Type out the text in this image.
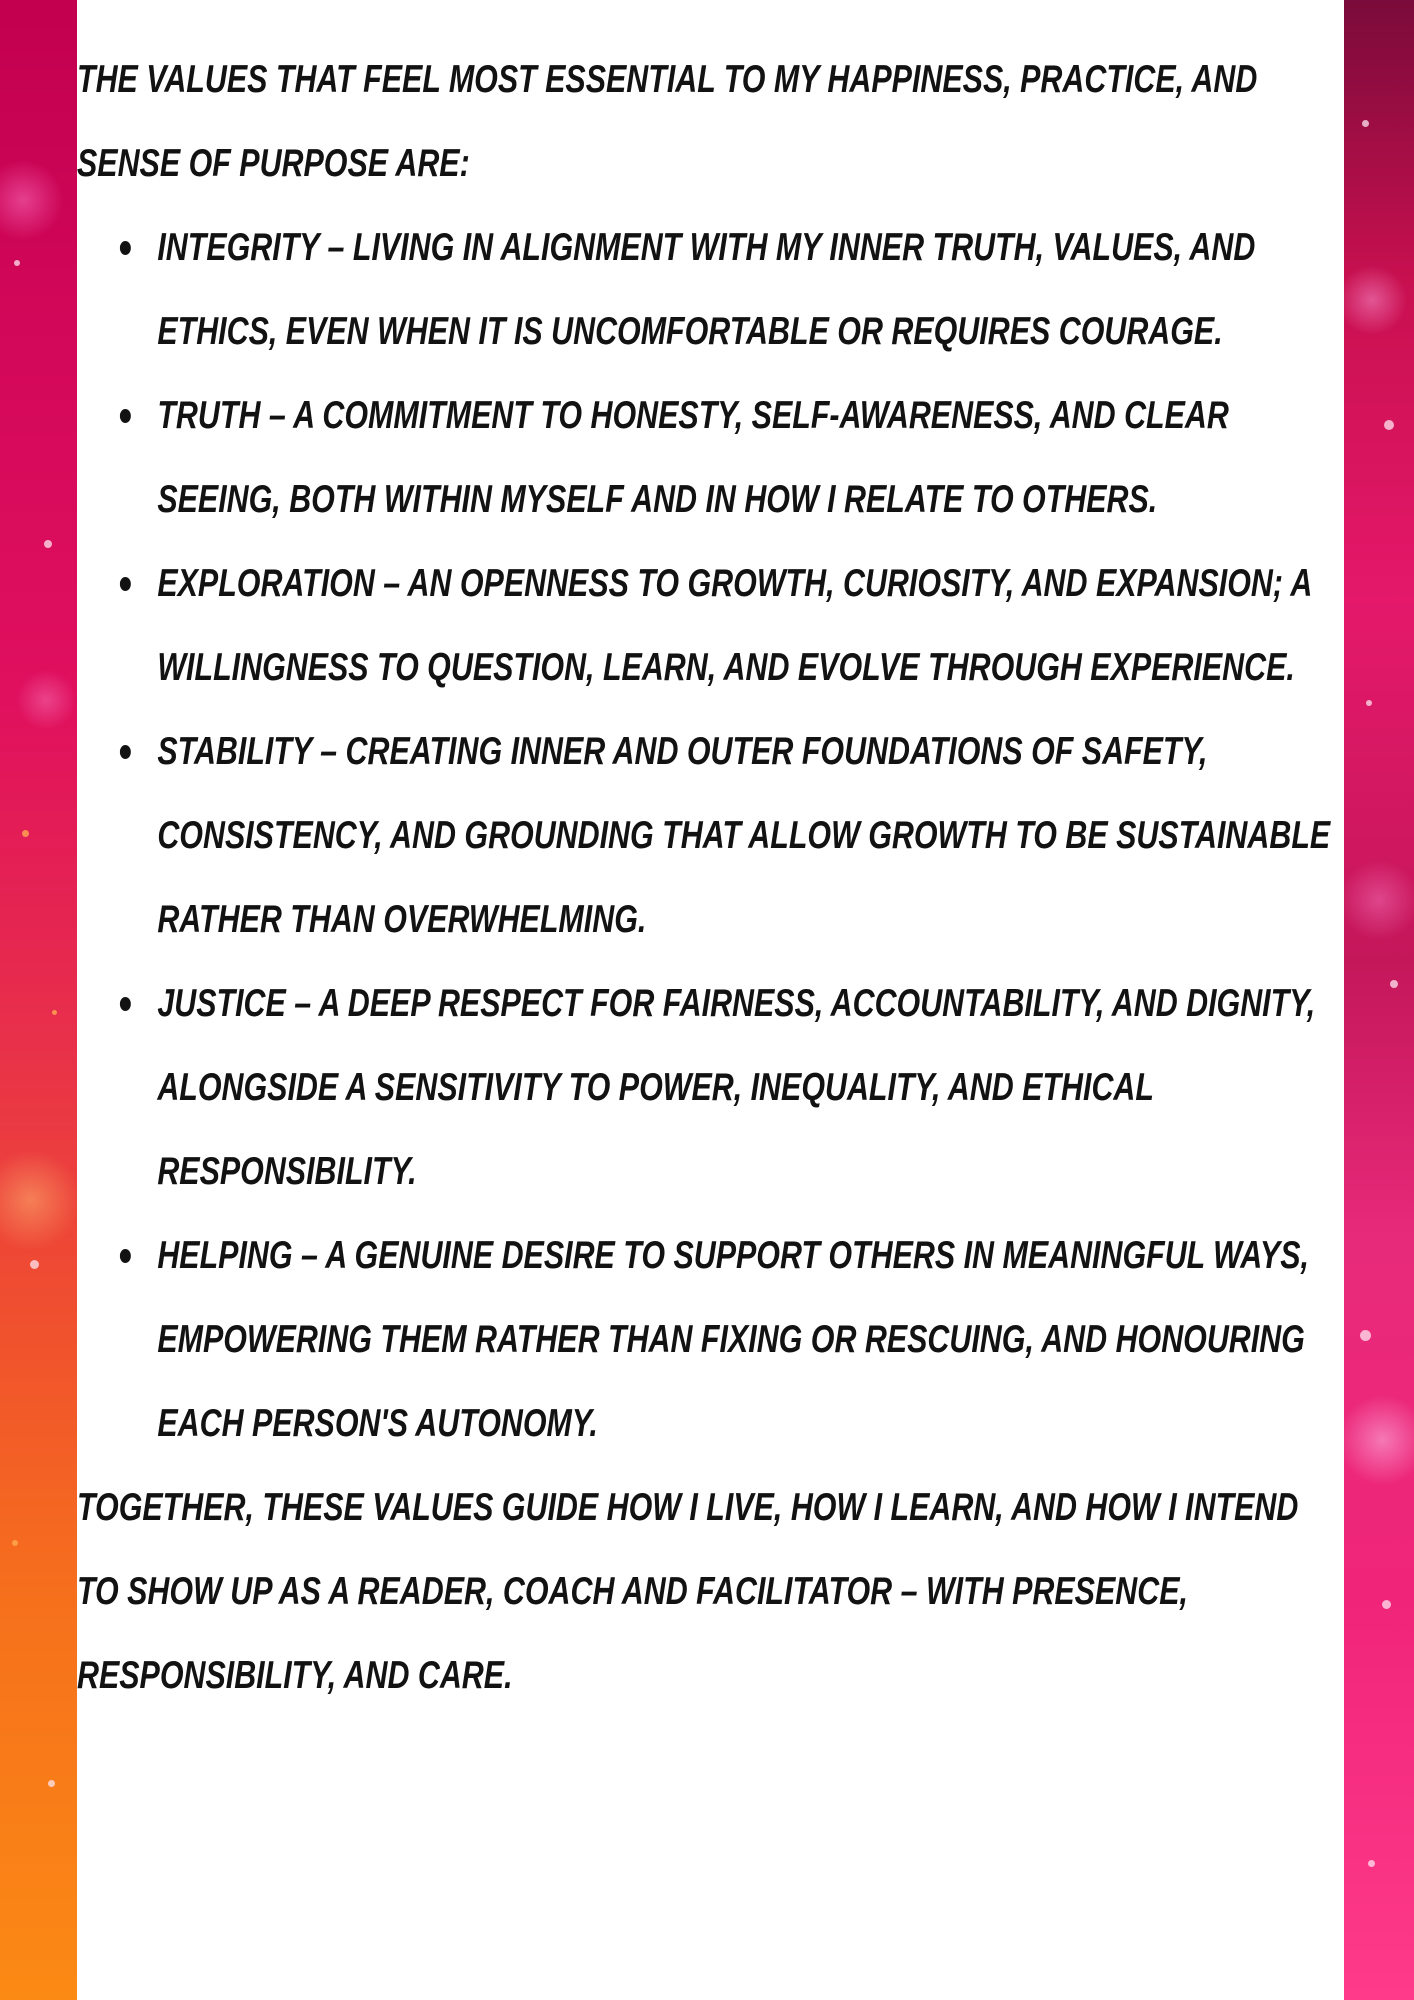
THE VALUES THAT FEEL MOST ESSENTIAL TO MY HAPPINESS, PRACTICE, AND SENSE OF PURPOSE ARE:

INTEGRITY – LIVING IN ALIGNMENT WITH MY INNER TRUTH, VALUES, AND ETHICS, EVEN WHEN IT IS UNCOMFORTABLE OR REQUIRES COURAGE.
TRUTH – A COMMITMENT TO HONESTY, SELF-AWARENESS, AND CLEAR SEEING, BOTH WITHIN MYSELF AND IN HOW I RELATE TO OTHERS.
EXPLORATION – AN OPENNESS TO GROWTH, CURIOSITY, AND EXPANSION; A WILLINGNESS TO QUESTION, LEARN, AND EVOLVE THROUGH EXPERIENCE.
STABILITY – CREATING INNER AND OUTER FOUNDATIONS OF SAFETY, CONSISTENCY, AND GROUNDING THAT ALLOW GROWTH TO BE SUSTAINABLE RATHER THAN OVERWHELMING.
JUSTICE – A DEEP RESPECT FOR FAIRNESS, ACCOUNTABILITY, AND DIGNITY, ALONGSIDE A SENSITIVITY TO POWER, INEQUALITY, AND ETHICAL RESPONSIBILITY.
HELPING – A GENUINE DESIRE TO SUPPORT OTHERS IN MEANINGFUL WAYS, EMPOWERING THEM RATHER THAN FIXING OR RESCUING, AND HONOURING EACH PERSON'S AUTONOMY.

TOGETHER, THESE VALUES GUIDE HOW I LIVE, HOW I LEARN, AND HOW I INTEND TO SHOW UP AS A READER, COACH AND FACILITATOR – WITH PRESENCE, RESPONSIBILITY, AND CARE.
